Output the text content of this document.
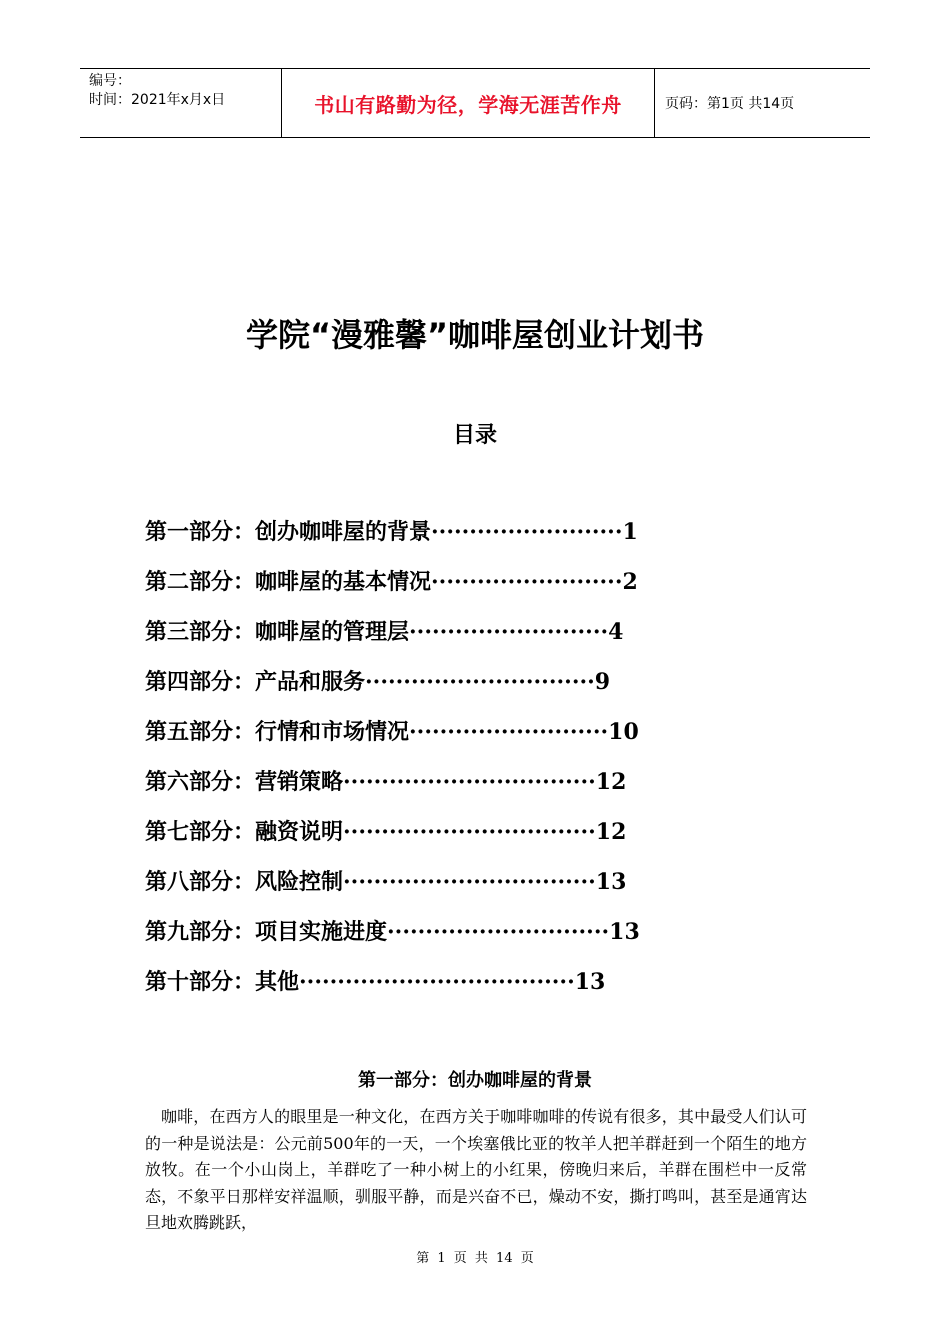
编号：
时间：2021年x月x日	书山有路勤为径，学海无涯苦作舟	页码：第1页 共14页
学院“漫雅馨”咖啡屋创业计划书
目录
第一部分：创办咖啡屋的背景·························1
第二部分：咖啡屋的基本情况·························2
第三部分：咖啡屋的管理层··························4
第四部分：产品和服务······························9
第五部分：行情和市场情况··························10
第六部分：营销策略·································12
第七部分：融资说明·································12
第八部分：风险控制·································13
第九部分：项目实施进度·····························13
第十部分：其他····································13
第一部分：创办咖啡屋的背景

咖啡，在西方人的眼里是一种文化，在西方关于咖啡咖啡的传说有很多，其中最受人们认可的一种是说法是：公元前500年的一天，一个埃塞俄比亚的牧羊人把羊群赶到一个陌生的地方放牧。在一个小山岗上，羊群吃了一种小树上的小红果，傍晚归来后，羊群在围栏中一反常态，不象平日那样安祥温顺，驯服平静，而是兴奋不已，燥动不安，撕打鸣叫，甚至是通宵达旦地欢腾跳跃，

第 1 页 共 14 页
